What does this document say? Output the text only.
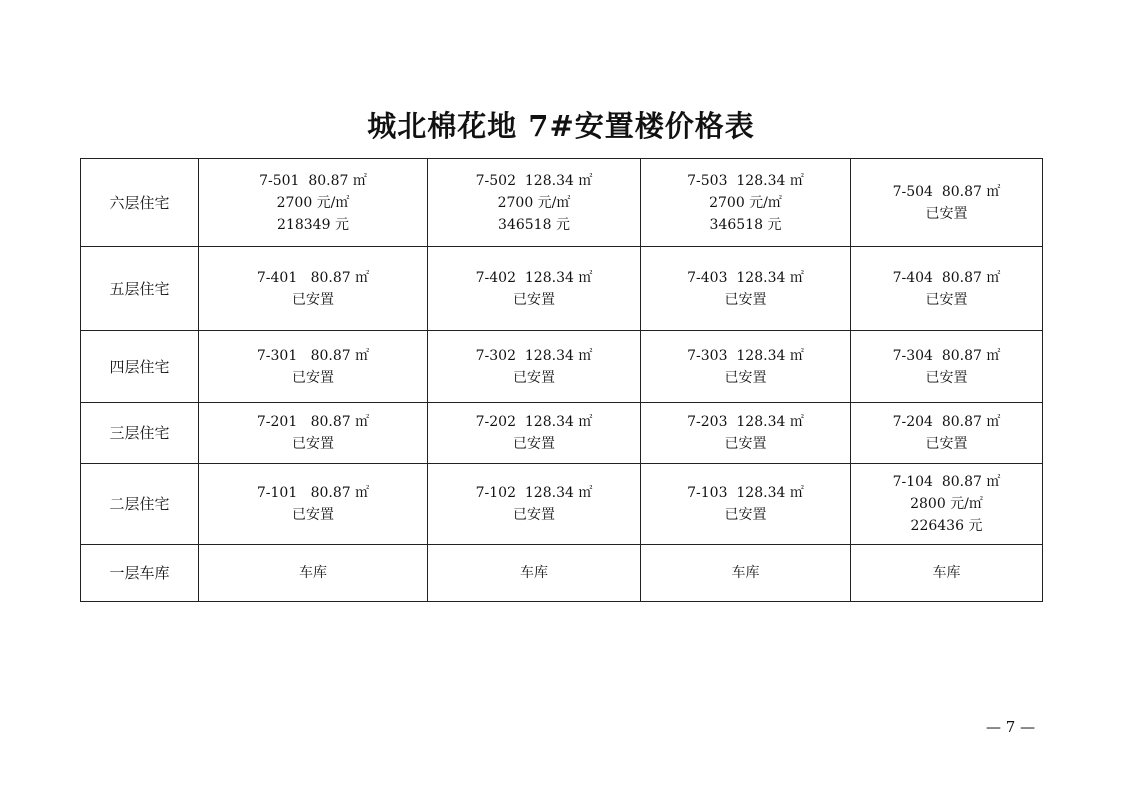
城北棉花地 7#安置楼价格表
六层住宅	7-501  80.87 ㎡
2700 元/㎡
218349 元	7-502  128.34 ㎡
2700 元/㎡
346518 元	7-503  128.34 ㎡
2700 元/㎡
346518 元	7-504  80.87 ㎡
已安置

五层住宅	7-401   80.87 ㎡
已安置	7-402  128.34 ㎡
已安置	7-403  128.34 ㎡
已安置	7-404  80.87 ㎡
已安置

四层住宅	7-301   80.87 ㎡
已安置	7-302  128.34 ㎡
已安置	7-303  128.34 ㎡
已安置	7-304  80.87 ㎡
已安置

三层住宅	7-201   80.87 ㎡
已安置	7-202  128.34 ㎡
已安置	7-203  128.34 ㎡
已安置	7-204  80.87 ㎡
已安置

二层住宅	7-101   80.87 ㎡
已安置	7-102  128.34 ㎡
已安置	7-103  128.34 ㎡
已安置	7-104  80.87 ㎡
2800 元/㎡
226436 元

一层车库	车库	车库	车库	车库
— 7 —
